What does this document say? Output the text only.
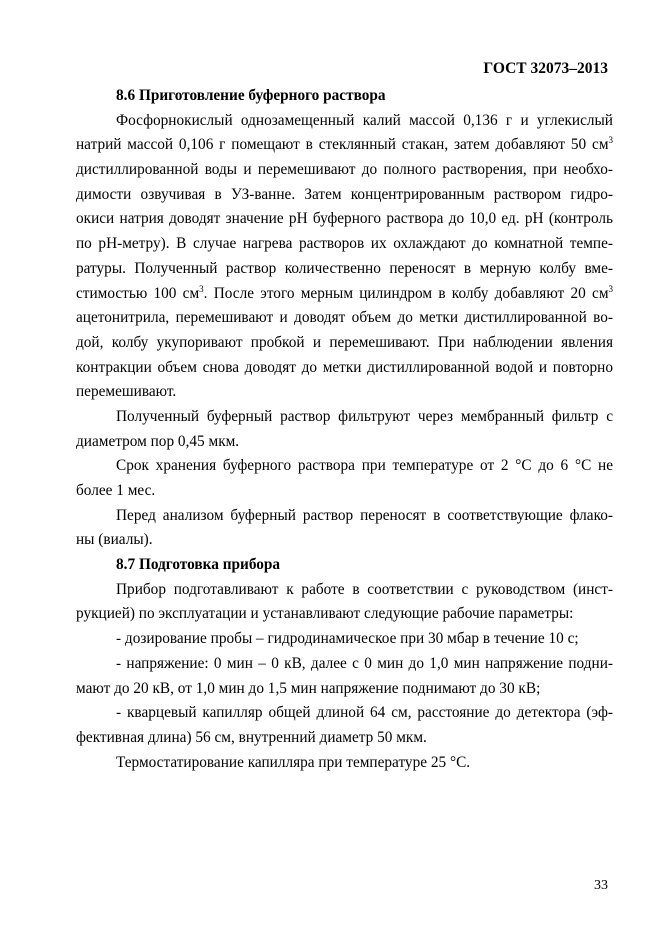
ГОСТ 32073–2013
8.6 Приготовление буферного раствора
Фосфорнокислый однозамещенный калий массой 0,136 г и углекислый
натрий массой 0,106 г помещают в стеклянный стакан, затем добавляют 50 $см^3$
дистиллированной воды и перемешивают до полного растворения, при необхо-
димости озвучивая в УЗ-ванне. Затем концентрированным раствором гидро-
окиси натрия доводят значение pH буферного раствора до 10,0 ед. pH (контроль
по pH-метру). В случае нагрева растворов их охлаждают до комнатной темпе-
ратуры. Полученный раствор количественно переносят в мерную колбу вме-
стимостью 100 $см^3$. После этого мерным цилиндром в колбу добавляют 20 $см^3$
ацетонитрила, перемешивают и доводят объем до метки дистиллированной во-
дой, колбу укупоривают пробкой и перемешивают. При наблюдении явления
контракции объем снова доводят до метки дистиллированной водой и повторно
перемешивают.
Полученный буферный раствор фильтруют через мембранный фильтр с
диаметром пор 0,45 мкм.
Срок хранения буферного раствора при температуре от 2 °С до 6 °С не
более 1 мес.
Перед анализом буферный раствор переносят в соответствующие флако-
ны (виалы).
8.7 Подготовка прибора
Прибор подготавливают к работе в соответствии с руководством (инст-
рукцией) по эксплуатации и устанавливают следующие рабочие параметры:
- дозирование пробы – гидродинамическое при 30 мбар в течение 10 с;
- напряжение: 0 мин – 0 кВ, далее с 0 мин до 1,0 мин напряжение подни-
мают до 20 кВ, от 1,0 мин до 1,5 мин напряжение поднимают до 30 кВ;
- кварцевый капилляр общей длиной 64 см, расстояние до детектора (эф-
фективная длина) 56 см, внутренний диаметр 50 мкм.
Термостатирование капилляра при температуре 25 °С.
33
